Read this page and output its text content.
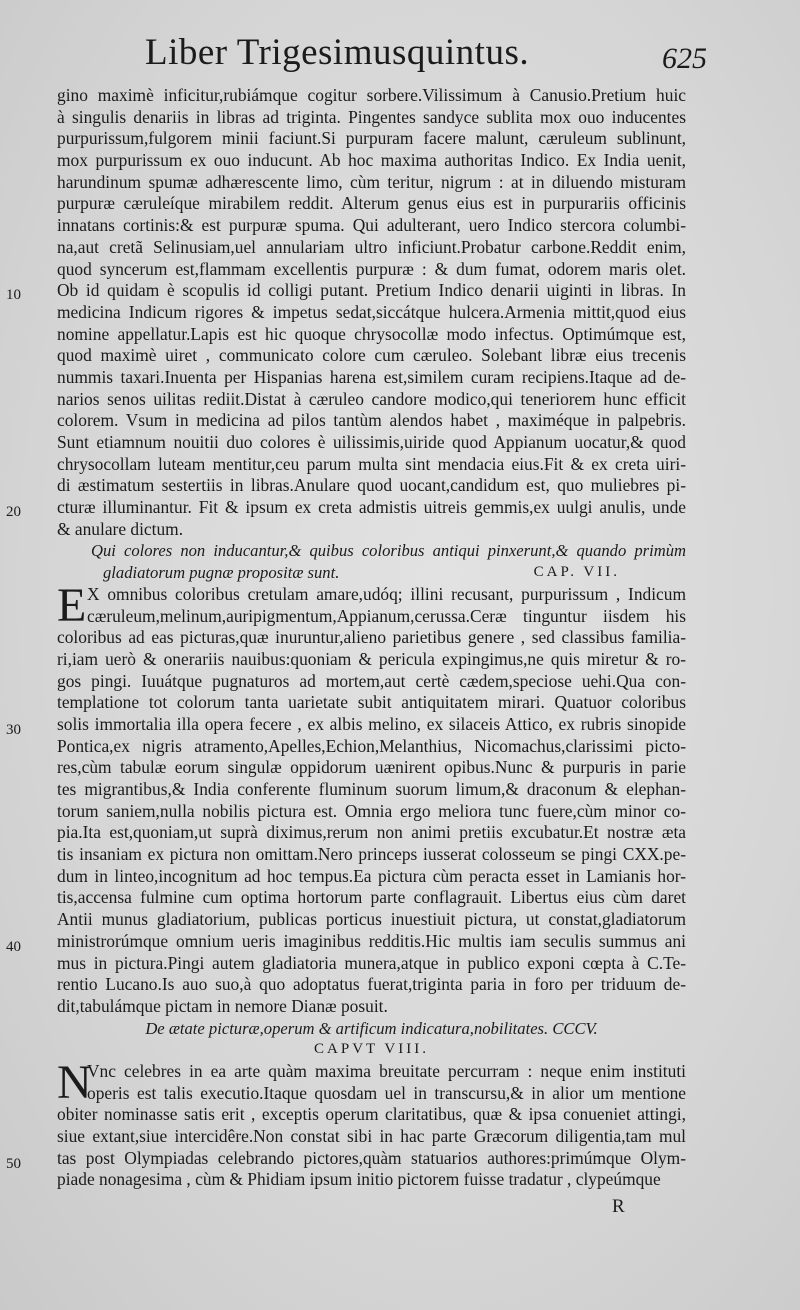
Liber Trigesimusquintus.	625
10
20
30
40
50
gino maximè inficitur,rubiámque cogitur sorbere.Vilissimum à Canusio.Pretium huic
à singulis denariis in libras ad triginta. Pingentes sandyce sublita mox ouo inducentes
purpurissum,fulgorem minii faciunt.Si purpuram facere malunt, cæruleum sublinunt,
mox purpurissum ex ouo inducunt. Ab hoc maxima authoritas Indico. Ex India uenit,
harundinum spumæ adhærescente limo, cùm teritur, nigrum : at in diluendo misturam
purpuræ cæruleíque mirabilem reddit. Alterum genus eius est in purpurariis officinis
innatans cortinis:& est purpuræ spuma. Qui adulterant, uero Indico stercora columbi-
na,aut cretã Selinusiam,uel annulariam ultro inficiunt.Probatur carbone.Reddit enim,
quod syncerum est,flammam excellentis purpuræ : & dum fumat, odorem maris olet.
Ob id quidam è scopulis id colligi putant. Pretium Indico denarii uiginti in libras. In
medicina Indicum rigores & impetus sedat,siccátque hulcera.Armenia mittit,quod eius
nomine appellatur.Lapis est hic quoque chrysocollæ modo infectus. Optimúmque est,
quod maximè uiret , communicato colore cum cæruleo. Solebant libræ eius trecenis
nummis taxari.Inuenta per Hispanias harena est,similem curam recipiens.Itaque ad de-
narios senos uilitas rediit.Distat à cæruleo candore modico,qui teneriorem hunc efficit
colorem. Vsum in medicina ad pilos tantùm alendos habet , maximéque in palpebris.
Sunt etiamnum nouitii duo colores è uilissimis,uiride quod Appianum uocatur,& quod
chrysocollam luteam mentitur,ceu parum multa sint mendacia eius.Fit & ex creta uiri-
di æstimatum sestertiis in libras.Anulare quod uocant,candidum est, quo muliebres pi-
cturæ illuminantur. Fit & ipsum ex creta admistis uitreis gemmis,ex uulgi anulis, unde
& anulare dictum.
Qui colores non inducantur,& quibus coloribus antiqui pinxerunt,& quando primùm
gladiatorum pugnæ propositæ sunt.	CAP. VII.
E X omnibus coloribus cretulam amare,udóq; illini recusant, purpurissum , Indicum
cæruleum,melinum,auripigmentum,Appianum,cerussa.Ceræ tinguntur iisdem his
coloribus ad eas picturas,quæ inuruntur,alieno parietibus genere , sed classibus familia-
ri,iam uerò & onerariis nauibus:quoniam & pericula expingimus,ne quis miretur & ro-
gos pingi. Iuuátque pugnaturos ad mortem,aut certè cædem,speciose uehi.Qua con-
templatione tot colorum tanta uarietate subit antiquitatem mirari. Quatuor coloribus
solis immortalia illa opera fecere , ex albis melino, ex silaceis Attico, ex rubris sinopide
Pontica,ex nigris atramento,Apelles,Echion,Melanthius, Nicomachus,clarissimi picto-
res,cùm tabulæ eorum singulæ oppidorum uænirent opibus.Nunc & purpuris in parie
tes migrantibus,& India conferente fluminum suorum limum,& draconum & elephan-
torum saniem,nulla nobilis pictura est. Omnia ergo meliora tunc fuere,cùm minor co-
pia.Ita est,quoniam,ut suprà diximus,rerum non animi pretiis excubatur.Et nostræ æta
tis insaniam ex pictura non omittam.Nero princeps iusserat colosseum se pingi CXX.pe-
dum in linteo,incognitum ad hoc tempus.Ea pictura cùm peracta esset in Lamianis hor-
tis,accensa fulmine cum optima hortorum parte conflagrauit. Libertus eius cùm daret
Antii munus gladiatorium, publicas porticus inuestiuit pictura, ut constat,gladiatorum
ministrorúmque omnium ueris imaginibus redditis.Hic multis iam seculis summus ani
mus in pictura.Pingi autem gladiatoria munera,atque in publico exponi cœpta à C.Te-
rentio Lucano.Is auo suo,à quo adoptatus fuerat,triginta paria in foro per triduum de-
dit,tabulámque pictam in nemore Dianæ posuit.
De ætate picturæ,operum & artificum indicatura,nobilitates. CCCV.
CAPVT VIII.
N
Vnc celebres in ea arte quàm maxima breuitate percurram : neque enim instituti
operis est talis executio.Itaque quosdam uel in transcursu,& in alior um mentione
obiter nominasse satis erit , exceptis operum claritatibus, quæ & ipsa conueniet attingi,
siue extant,siue intercidêre.Non constat sibi in hac parte Græcorum diligentia,tam mul
tas post Olympiadas celebrando pictores,quàm statuarios authores:primúmque Olym-
piade nonagesima , cùm & Phidiam ipsum initio pictorem fuisse tradatur , clypeúmque
R
